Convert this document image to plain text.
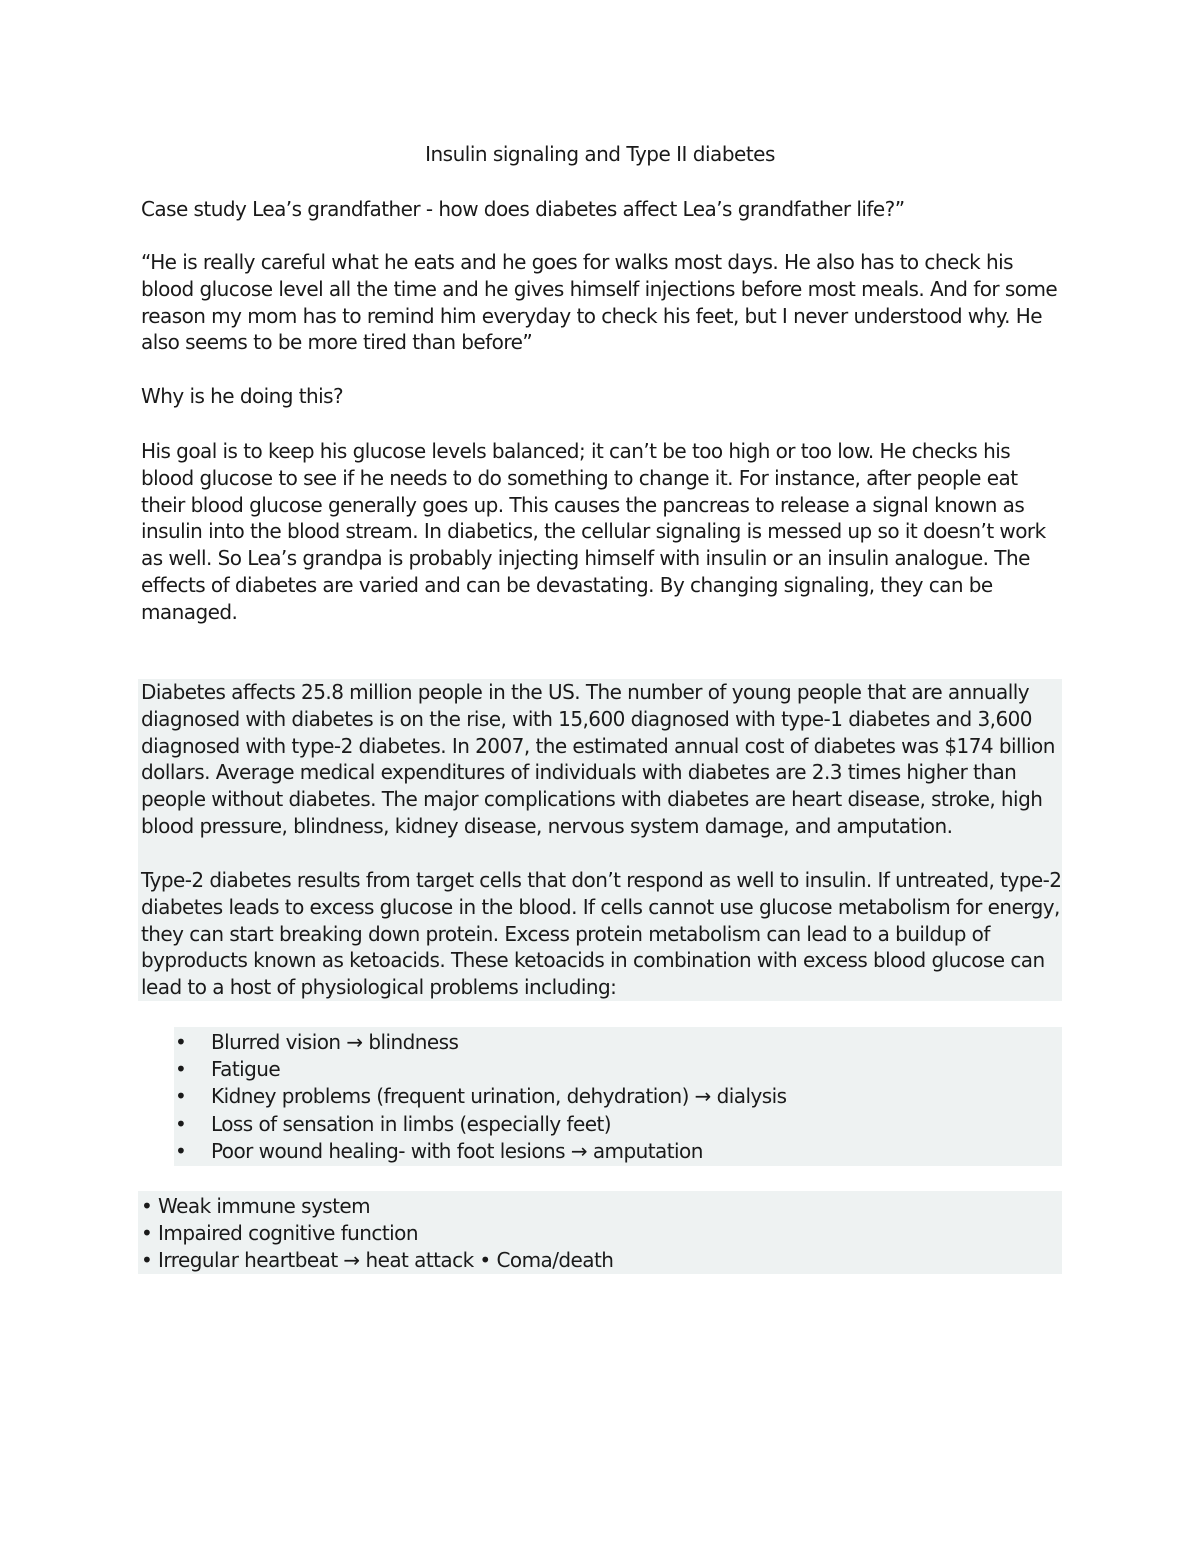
Insulin signaling and Type II diabetes

Case study Lea’s grandfather - how does diabetes affect Lea’s grandfather life?”

“He is really careful what he eats and he goes for walks most days. He also has to check his blood glucose level all the time and he gives himself injections before most meals. And for some reason my mom has to remind him everyday to check his feet, but I never understood why. He also seems to be more tired than before”

Why is he doing this?

His goal is to keep his glucose levels balanced; it can’t be too high or too low. He checks his blood glucose to see if he needs to do something to change it. For instance, after people eat their blood glucose generally goes up. This causes the pancreas to release a signal known as insulin into the blood stream. In diabetics, the cellular signaling is messed up so it doesn’t work as well. So Lea’s grandpa is probably injecting himself with insulin or an insulin analogue. The effects of diabetes are varied and can be devastating. By changing signaling, they can be managed.

Diabetes affects 25.8 million people in the US. The number of young people that are annually diagnosed with diabetes is on the rise, with 15,600 diagnosed with type-1 diabetes and 3,600 diagnosed with type-2 diabetes. In 2007, the estimated annual cost of diabetes was $174 billion dollars. Average medical expenditures of individuals with diabetes are 2.3 times higher than people without diabetes. The major complications with diabetes are heart disease, stroke, high blood pressure, blindness, kidney disease, nervous system damage, and amputation.

Type-2 diabetes results from target cells that don’t respond as well to insulin. If untreated, type-2 diabetes leads to excess glucose in the blood. If cells cannot use glucose metabolism for energy, they can start breaking down protein. Excess protein metabolism can lead to a buildup of byproducts known as ketoacids. These ketoacids in combination with excess blood glucose can lead to a host of physiological problems including:

• Blurred vision → blindness
• Fatigue
• Kidney problems (frequent urination, dehydration) → dialysis
• Loss of sensation in limbs (especially feet)
• Poor wound healing- with foot lesions → amputation
• Weak immune system
• Impaired cognitive function
• Irregular heartbeat → heat attack • Coma/death
